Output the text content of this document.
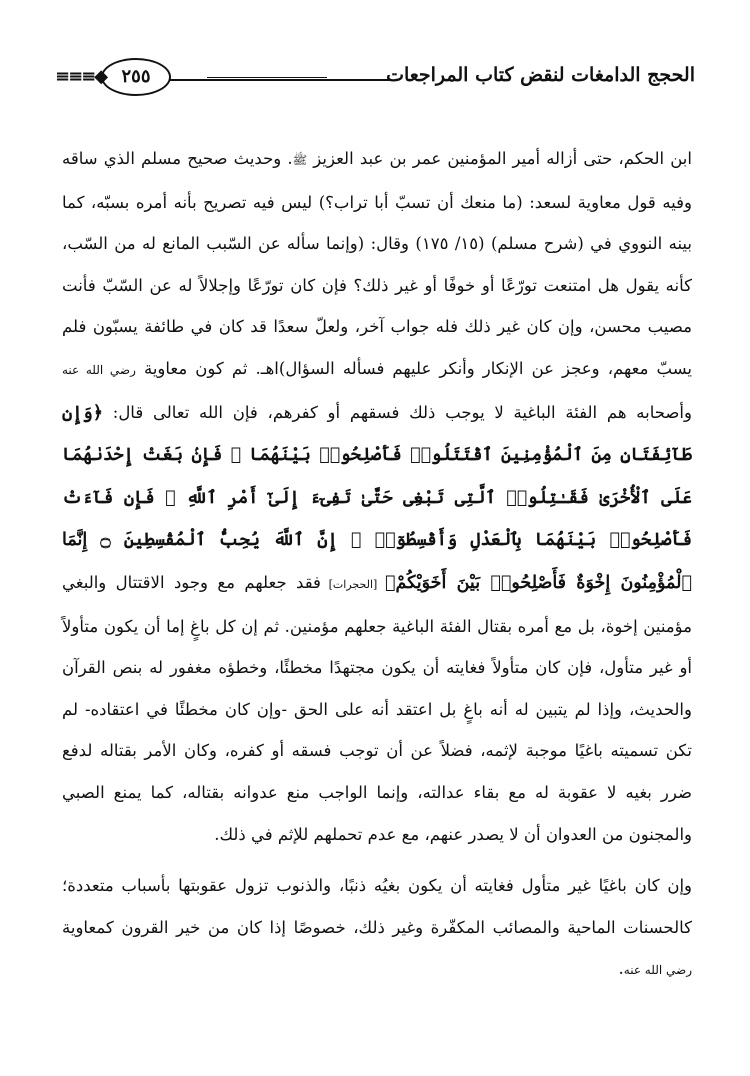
الحجج الدامغات لنقض كتاب المراجعات
٢٥٥
◆≡≡≡

ابن الحكم، حتى أزاله أمير المؤمنين عمر بن عبد العزيز ﷺ. وحديث صحيح مسلم الذي ساقه وفيه قول معاوية لسعد: (ما منعك أن تسبّ أبا تراب؟) ليس فيه تصريح بأنه أمره بسبّه، كما بينه النووي في (شرح مسلم) (١٥/ ١٧٥) وقال: (وإنما سأله عن السّبب المانع له من السّب، كأنه يقول هل امتنعت تورّعًا أو خوفًا أو غير ذلك؟ فإن كان تورّعًا وإجلالاً له عن السّبّ فأنت مصيب محسن، وإن كان غير ذلك فله جواب آخر، ولعلّ سعدًا قد كان في طائفة يسبّون فلم يسبّ معهم، وعجز عن الإنكار وأنكر عليهم فسأله السؤال)اهـ. ثم كون معاوية رضي الله عنه وأصحابه هم الفئة الباغية لا يوجب ذلك فسقهم أو كفرهم، فإن الله تعالى قال: ﴿وَإِن طَآئِفَتَانِ مِنَ ٱلْمُؤْمِنِينَ ٱقْتَتَلُوا۟ فَأَصْلِحُوا۟ بَيْنَهُمَا ۖ فَإِنۢ بَغَتْ إِحْدَىٰهُمَا عَلَى ٱلْأُخْرَىٰ فَقَـٰتِلُوا۟ ٱلَّتِى تَبْغِى حَتَّىٰ تَفِىٓءَ إِلَىٰٓ أَمْرِ ٱللَّهِ ۚ فَإِن فَآءَتْ فَأَصْلِحُوا۟ بَيْنَهُمَا بِٱلْعَدْلِ وَأَقْسِطُوٓا۟ ۖ إِنَّ ٱللَّهَ يُحِبُّ ٱلْمُقْسِطِينَ ۝ إِنَّمَا ٱلْمُؤْمِنُونَ إِخْوَةٌ فَأَصْلِحُوا۟ بَيْنَ أَخَوَيْكُمْ﴾ [الحجرات] فقد جعلهم مع وجود الاقتتال والبغي مؤمنين إخوة، بل مع أمره بقتال الفئة الباغية جعلهم مؤمنين. ثم إن كل باغٍ إما أن يكون متأولاً أو غير متأول، فإن كان متأولاً فغايته أن يكون مجتهدًا مخطئًا، وخطؤه مغفور له بنص القرآن والحديث، وإذا لم يتبين له أنه باغٍ بل اعتقد أنه على الحق -وإن كان مخطئًا في اعتقاده- لم تكن تسميته باغيًا موجبة لإثمه، فضلاً عن أن توجب فسقه أو كفره، وكان الأمر بقتاله لدفع ضرر بغيه لا عقوبة له مع بقاء عدالته، وإنما الواجب منع عدوانه بقتاله، كما يمنع الصبي والمجنون من العدوان أن لا يصدر عنهم، مع عدم تحملهم للإثم في ذلك.

وإن كان باغيًا غير متأول فغايته أن يكون بغيُه ذنبًا، والذنوب تزول عقوبتها بأسباب متعددة؛ كالحسنات الماحية والمصائب المكفّرة وغير ذلك، خصوصًا إذا كان من خير القرون كمعاوية رضي الله عنه.
